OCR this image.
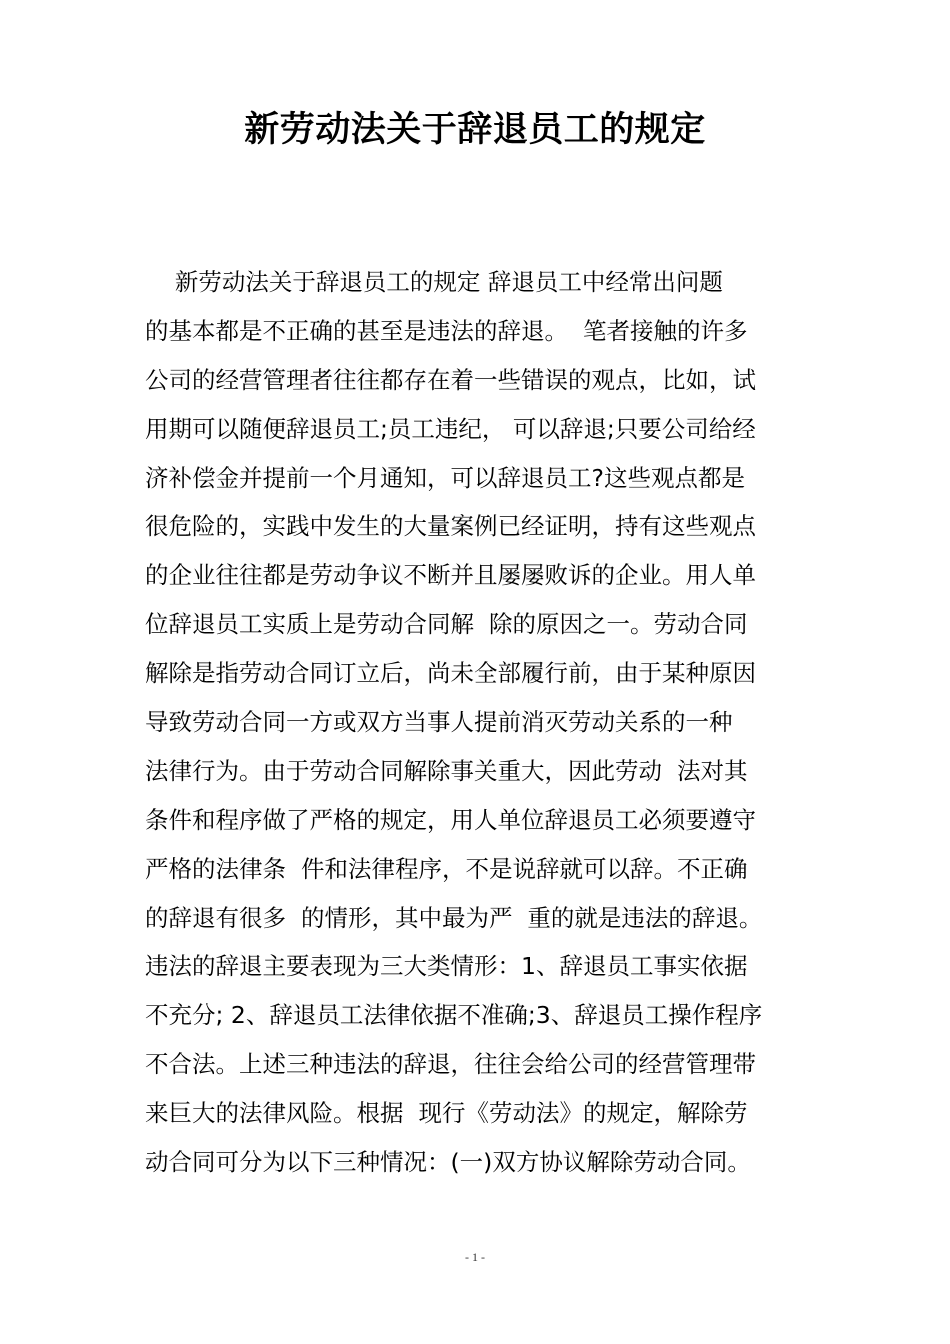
新劳动法关于辞退员工的规定
新劳动法关于辞退员工的规定 辞退员工中经常出问题
的基本都是不正确的甚至是违法的辞退。  笔者接触的许多
公司的经营管理者往往都存在着一些错误的观点，比如，试
用期可以随便辞退员工;员工违纪， 可以辞退;只要公司给经
济补偿金并提前一个月通知，可以辞退员工?这些观点都是
很危险的，实践中发生的大量案例已经证明，持有这些观点
的企业往往都是劳动争议不断并且屡屡败诉的企业。用人单
位辞退员工实质上是劳动合同解  除的原因之一。劳动合同
解除是指劳动合同订立后，尚未全部履行前，由于某种原因
导致劳动合同一方或双方当事人提前消灭劳动关系的一种
法律行为。由于劳动合同解除事关重大，因此劳动  法对其
条件和程序做了严格的规定，用人单位辞退员工必须要遵守
严格的法律条  件和法律程序，不是说辞就可以辞。不正确
的辞退有很多  的情形，其中最为严  重的就是违法的辞退。
违法的辞退主要表现为三大类情形：1、辞退员工事实依据
不充分; 2、辞退员工法律依据不准确;3、辞退员工操作程序
不合法。上述三种违法的辞退，往往会给公司的经营管理带
来巨大的法律风险。根据  现行《劳动法》的规定，解除劳
动合同可分为以下三种情况：(一)双方协议解除劳动合同。
- 1 -
